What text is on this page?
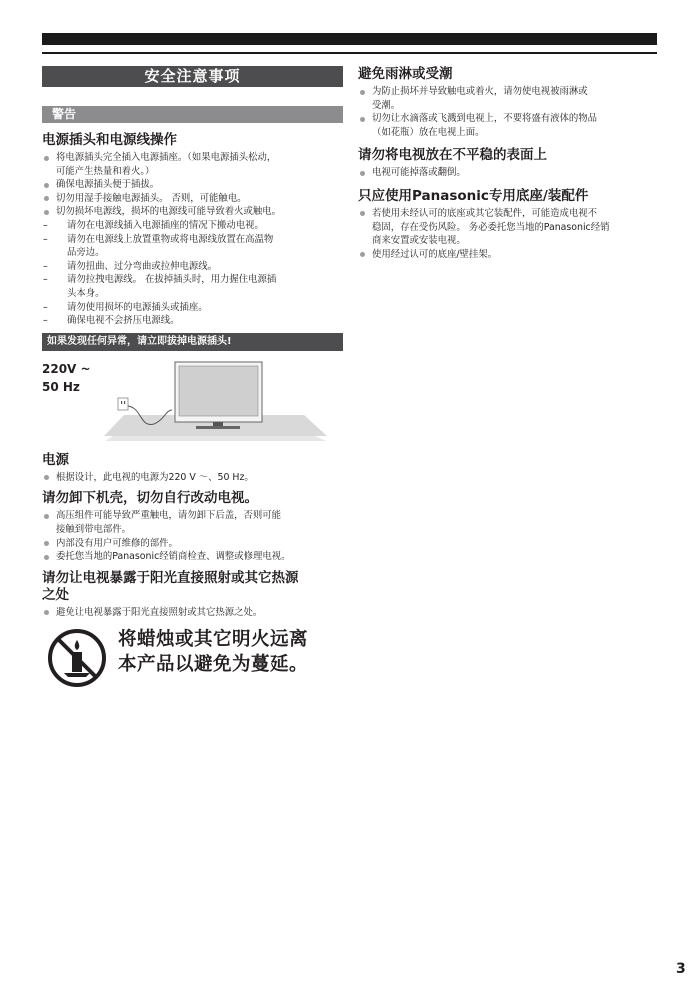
安全注意事项
警告
电源插头和电源线操作
将电源插头完全插入电源插座。（如果电源插头松动，
可能产生热量和着火。）
确保电源插头便于插拔。
切勿用湿手接触电源插头。 否则，可能触电。
切勿损坏电源线，损坏的电源线可能导致着火或触电。
– 请勿在电源线插入电源插座的情况下搬动电视。
– 请勿在电源线上放置重物或将电源线放置在高温物
品旁边。
– 请勿扭曲、过分弯曲或拉伸电源线。
– 请勿拉拽电源线。 在拔掉插头时，用力握住电源插
头本身。
– 请勿使用损坏的电源插头或插座。
– 确保电视不会挤压电源线。
如果发现任何异常，请立即拔掉电源插头!
220V ~
50 Hz
电源
根据设计，此电视的电源为220 V ～、50 Hz。
请勿卸下机壳，切勿自行改动电视。
高压组件可能导致严重触电，请勿卸下后盖，否则可能
接触到带电部件。
内部没有用户可维修的部件。
委托您当地的Panasonic经销商检查、调整或修理电视。
请勿让电视暴露于阳光直接照射或其它热源
之处
避免让电视暴露于阳光直接照射或其它热源之处。
将蜡烛或其它明火远离
本产品以避免为蔓延。
避免雨淋或受潮
为防止损坏并导致触电或着火，请勿使电视被雨淋或
受潮。
切勿让水滴落或飞溅到电视上，不要将盛有液体的物品
（如花瓶）放在电视上面。
请勿将电视放在不平稳的表面上
电视可能掉落或翻倒。
只应使用Panasonic专用底座/装配件
若使用未经认可的底座或其它装配件，可能造成电视不
稳固，存在受伤风险。 务必委托您当地的Panasonic经销
商来安置或安装电视。
使用经过认可的底座/壁挂架。
3
